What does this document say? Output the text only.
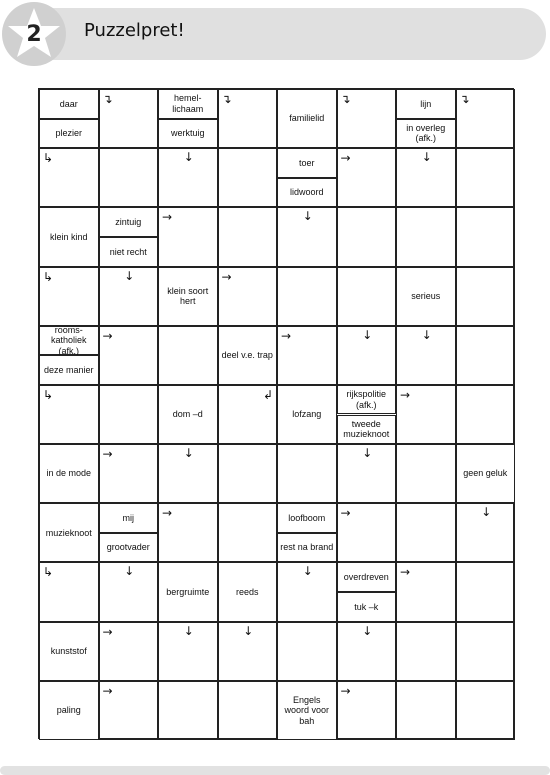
2 Puzzelpret!
daar
plezier
hemel-lichaam
werktuig
familielid
lijn
in overleg (afk.)
toer
lidwoord
klein kind
zintuig
niet recht
klein soort hert
serieus
rooms-katholiek (afk.)
deze manier
deel v.e. trap
dom –d	lofzang
rijkspolitie (afk.)
tweede muzieknoot
in de mode	geen geluk
muzieknoot
mij
grootvader
loofboom
rest na brand
bergruimte	reeds
overdreven
tuk –k
kunststof
paling
Engels woord voor bah
↴	↴	↴	↴
↳	↓	→	↓
→	↓
↳	↓	→
→	→	↓	↓
↳	↲	→
→	↓	↓
→	→	↓
↳	↓	↓	→
→	↓	↓	↓
→	→
